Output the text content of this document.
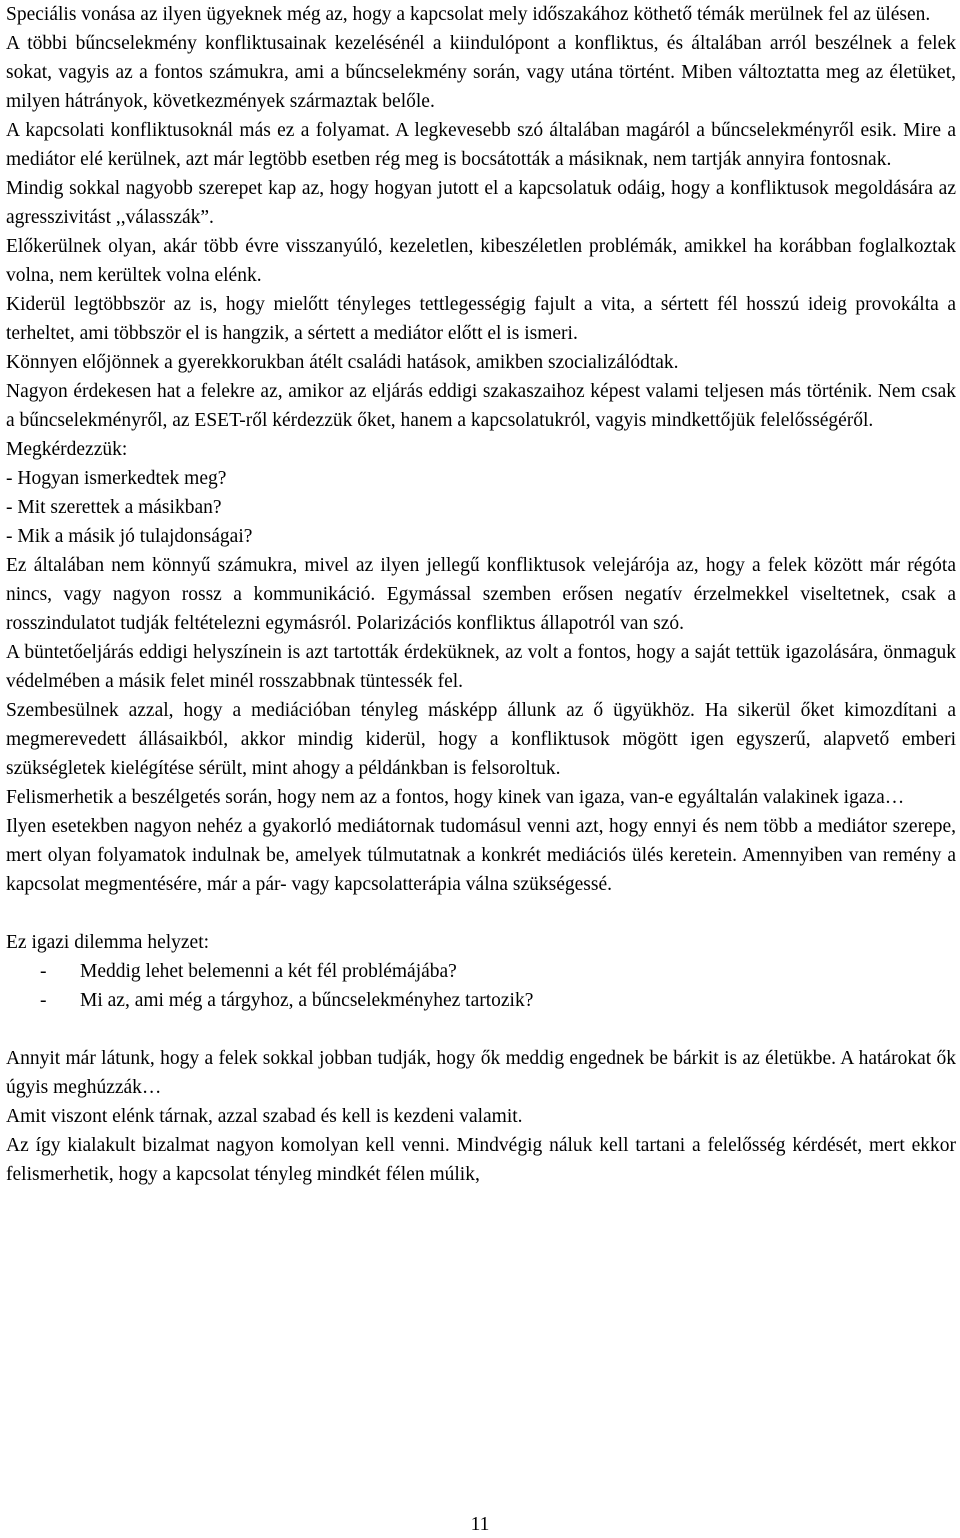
Speciális vonása az ilyen ügyeknek még az, hogy a kapcsolat mely időszakához köthető témák merülnek fel az ülésen.

A többi bűncselekmény konfliktusainak kezelésénél a kiindulópont a konfliktus, és általában arról beszélnek a felek sokat, vagyis az a fontos számukra, ami a bűncselekmény során, vagy utána történt. Miben változtatta meg az életüket, milyen hátrányok, következmények származtak belőle.

A kapcsolati konfliktusoknál más ez a folyamat. A legkevesebb szó általában magáról a bűncselekményről esik. Mire a mediátor elé kerülnek, azt már legtöbb esetben rég meg is bocsátották a másiknak, nem tartják annyira fontosnak.

Mindig sokkal nagyobb szerepet kap az, hogy hogyan jutott el a kapcsolatuk odáig, hogy a konfliktusok megoldására az agresszivitást ,,válasszák”.

Előkerülnek olyan, akár több évre visszanyúló, kezeletlen, kibeszéletlen problémák, amikkel ha korábban foglalkoztak volna, nem kerültek volna elénk.

Kiderül legtöbbször az is, hogy mielőtt tényleges tettlegességig fajult a vita, a sértett fél hosszú ideig provokálta a terheltet, ami többször el is hangzik, a sértett a mediátor előtt el is ismeri.

Könnyen előjönnek a gyerekkorukban átélt családi hatások, amikben szocializálódtak.

Nagyon érdekesen hat a felekre az, amikor az eljárás eddigi szakaszaihoz képest valami teljesen más történik. Nem csak a bűncselekményről, az ESET-ről kérdezzük őket, hanem a kapcsolatukról, vagyis mindkettőjük felelősségéről.

Megkérdezzük:

- Hogyan ismerkedtek meg?

- Mit szerettek a másikban?

- Mik a másik jó tulajdonságai?

Ez általában nem könnyű számukra, mivel az ilyen jellegű konfliktusok velejárója az, hogy a felek között már régóta nincs, vagy nagyon rossz a kommunikáció. Egymással szemben erősen negatív érzelmekkel viseltetnek, csak a rosszindulatot tudják feltételezni egymásról. Polarizációs konfliktus állapotról van szó.

A büntetőeljárás eddigi helyszínein is azt tartották érdeküknek, az volt a fontos, hogy a saját tettük igazolására, önmaguk védelmében a másik felet minél rosszabbnak tüntessék fel.

Szembesülnek azzal, hogy a mediációban tényleg másképp állunk az ő ügyükhöz. Ha sikerül őket kimozdítani a megmerevedett állásaikból, akkor mindig kiderül, hogy a konfliktusok mögött igen egyszerű, alapvető emberi szükségletek kielégítése sérült, mint ahogy a példánkban is felsoroltuk.

Felismerhetik a beszélgetés során, hogy nem az a fontos, hogy kinek van igaza, van-e egyáltalán valakinek igaza…

Ilyen esetekben nagyon nehéz a gyakorló mediátornak tudomásul venni azt, hogy ennyi és nem több a mediátor szerepe, mert olyan folyamatok indulnak be, amelyek túlmutatnak a konkrét mediációs ülés keretein. Amennyiben van remény a kapcsolat megmentésére, már a pár- vagy kapcsolatterápia válna szükségessé.

Ez igazi dilemma helyzet:

-	Meddig lehet belemenni a két fél problémájába?
-	Mi az, ami még a tárgyhoz, a bűncselekményhez tartozik?

Annyit már látunk, hogy a felek sokkal jobban tudják, hogy ők meddig engednek be bárkit is az életükbe. A határokat ők úgyis meghúzzák…

Amit viszont elénk tárnak, azzal szabad és kell is kezdeni valamit.

Az így kialakult bizalmat nagyon komolyan kell venni. Mindvégig náluk kell tartani a felelősség kérdését, mert ekkor felismerhetik, hogy a kapcsolat tényleg mindkét félen múlik,

11
